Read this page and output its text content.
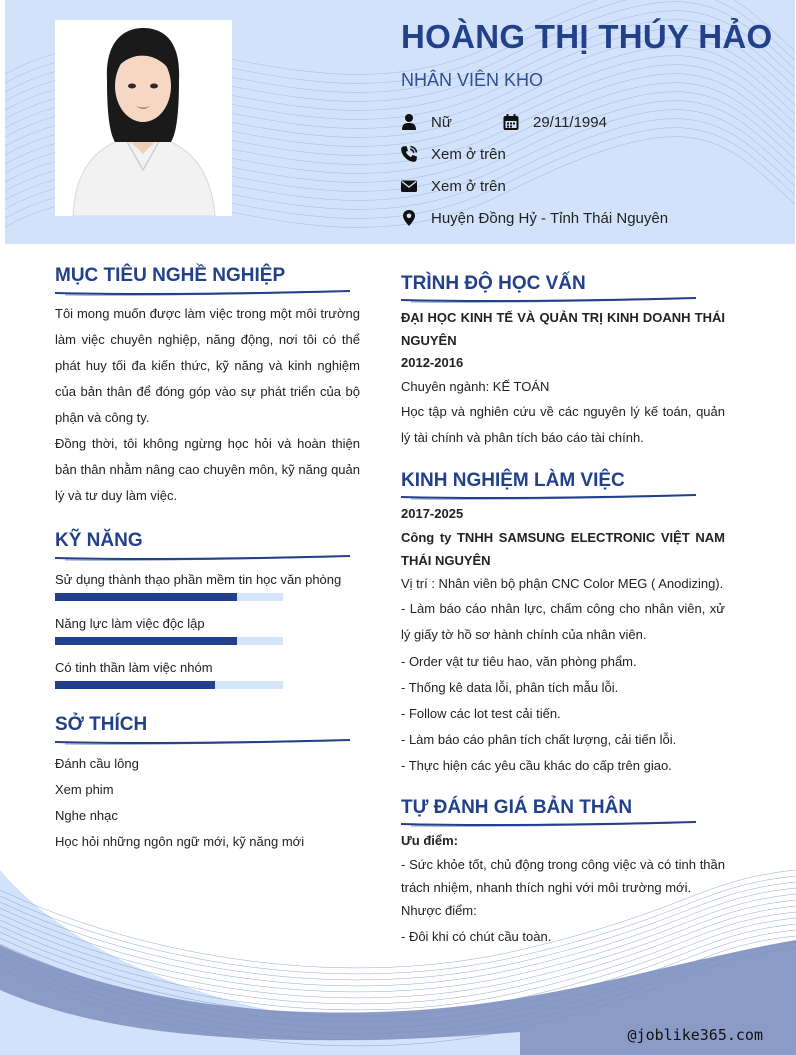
HOÀNG THỊ THÚY HẢO
NHÂN VIÊN KHO
Nữ	29/11/1994
Xem ở trên
Xem ở trên
Huyện Đồng Hỷ - Tỉnh Thái Nguyên
MỤC TIÊU NGHỀ NGHIỆP

Tôi mong muốn được làm việc trong một môi trường làm việc chuyên nghiệp, năng động, nơi tôi có thể phát huy tối đa kiến thức, kỹ năng và kinh nghiệm của bản thân để đóng góp vào sự phát triển của bộ phận và công ty.

Đồng thời, tôi không ngừng học hỏi và hoàn thiện bản thân nhằm nâng cao chuyên môn, kỹ năng quản lý và tư duy làm việc.

KỸ NĂNG
Sử dụng thành thạo phần mềm tin học văn phòng
Năng lực làm việc độc lập
Có tinh thần làm việc nhóm
SỞ THÍCH
Đánh cầu lông
Xem phim
Nghe nhạc
Học hỏi những ngôn ngữ mới, kỹ năng mới
TRÌNH ĐỘ HỌC VẤN
ĐẠI HỌC KINH TẾ VÀ QUẢN TRỊ KINH DOANH THÁI NGUYÊN
2012-2016
Chuyên ngành: KẾ TOÁN
Học tập và nghiên cứu về các nguyên lý kế toán, quản lý tài chính và phân tích báo cáo tài chính.
KINH NGHIỆM LÀM VIỆC
2017-2025
Công ty TNHH SAMSUNG ELECTRONIC VIỆT NAM THÁI NGUYÊN
Vị trí : Nhân viên bộ phận CNC Color MEG ( Anodizing).
- Làm báo cáo nhân lực, chấm công cho nhân viên, xử lý giấy tờ hồ sơ hành chính của nhân viên.
- Order vật tư tiêu hao, văn phòng phẩm.
- Thống kê data lỗi, phân tích mẫu lỗi.
- Follow các lot test cải tiến.
- Làm báo cáo phân tích chất lượng, cải tiến lỗi.
- Thực hiện các yêu cầu khác do cấp trên giao.
TỰ ĐÁNH GIÁ BẢN THÂN
Ưu điểm:
- Sức khỏe tốt, chủ động trong công việc và có tinh thần trách nhiệm, nhanh thích nghi với môi trường mới.
Nhược điểm:
- Đôi khi có chút cầu toàn.
@joblike365.com
